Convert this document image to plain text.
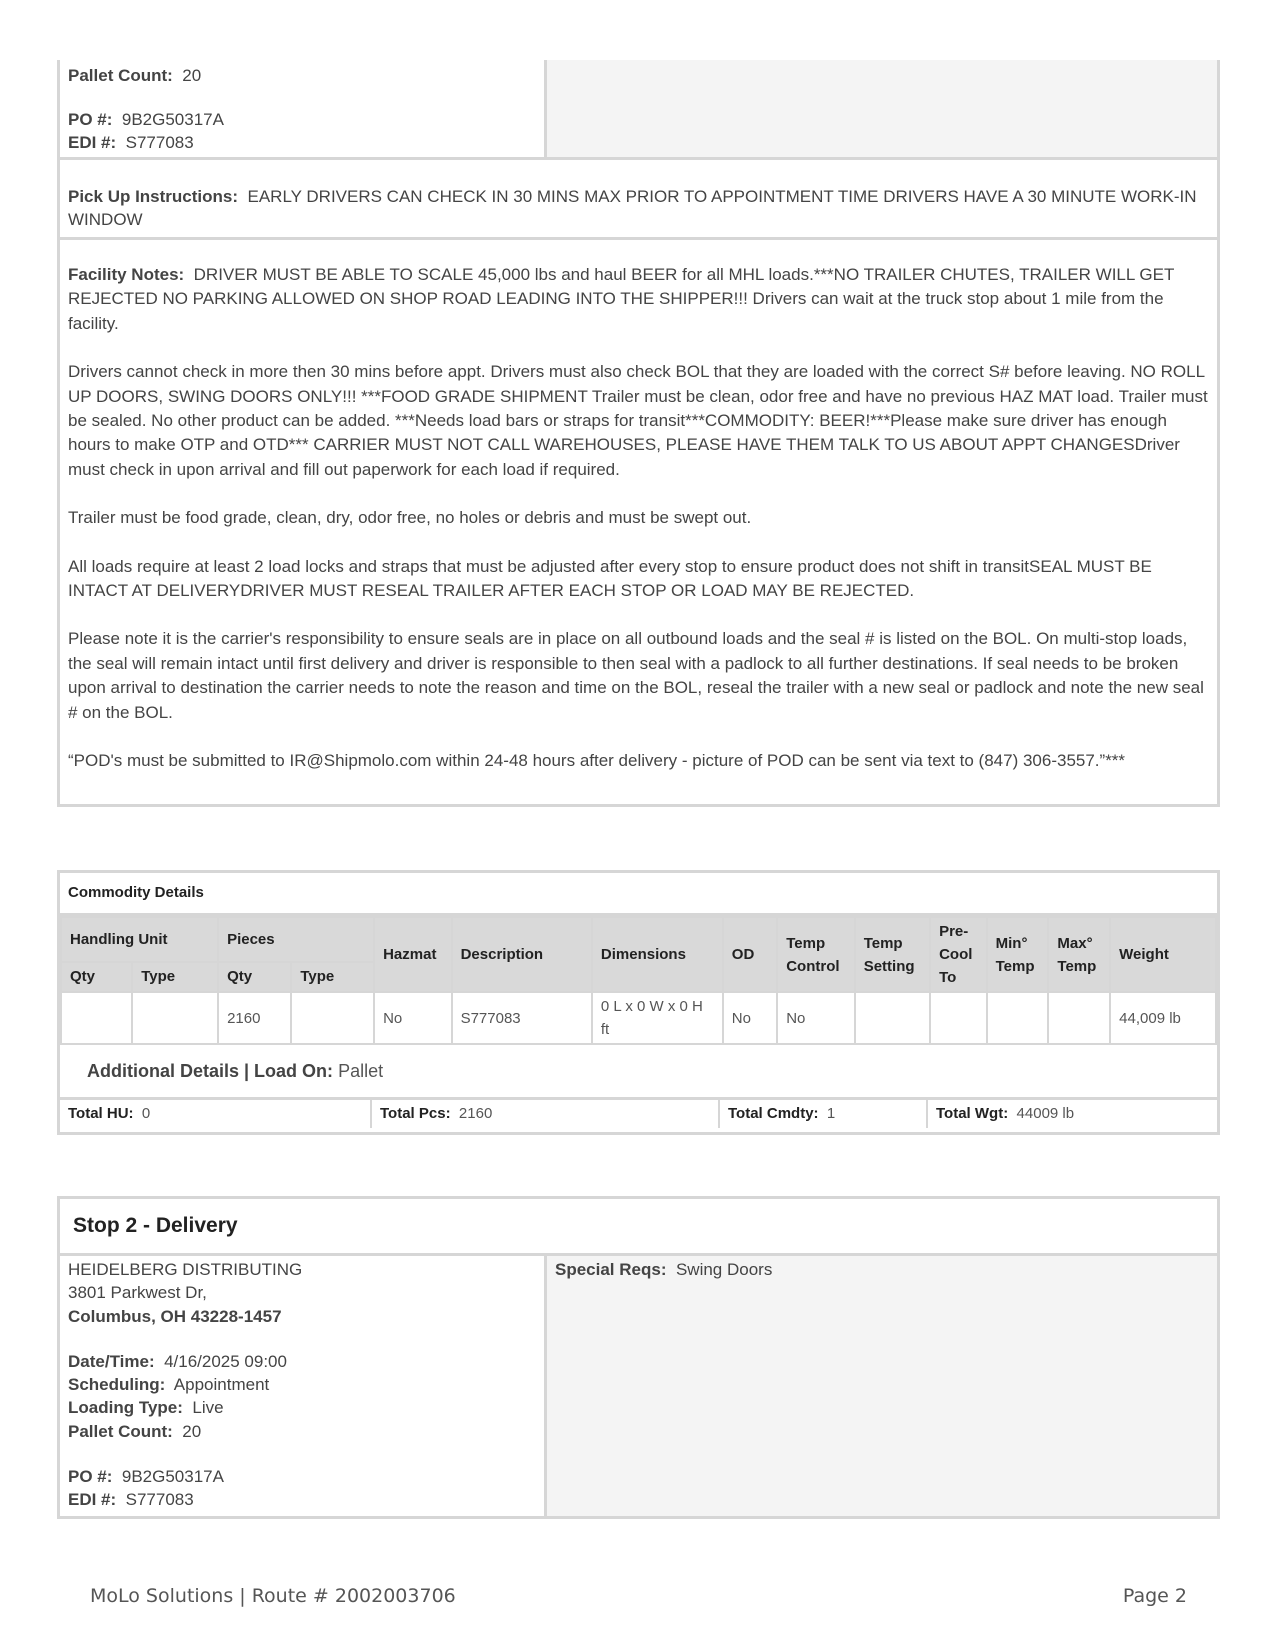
Pallet Count: 20
PO #: 9B2G50317A
EDI #: S777083
Pick Up Instructions: EARLY DRIVERS CAN CHECK IN 30 MINS MAX PRIOR TO APPOINTMENT TIME DRIVERS HAVE A 30 MINUTE WORK-IN WINDOW

Facility Notes: DRIVER MUST BE ABLE TO SCALE 45,000 lbs and haul BEER for all MHL loads.***NO TRAILER CHUTES, TRAILER WILL GET REJECTED NO PARKING ALLOWED ON SHOP ROAD LEADING INTO THE SHIPPER!!! Drivers can wait at the truck stop about 1 mile from the facility.

Drivers cannot check in more then 30 mins before appt. Drivers must also check BOL that they are loaded with the correct S# before leaving. NO ROLL UP DOORS, SWING DOORS ONLY!!! ***FOOD GRADE SHIPMENT Trailer must be clean, odor free and have no previous HAZ MAT load. Trailer must be sealed. No other product can be added. ***Needs load bars or straps for transit***COMMODITY: BEER!***Please make sure driver has enough hours to make OTP and OTD*** CARRIER MUST NOT CALL WAREHOUSES, PLEASE HAVE THEM TALK TO US ABOUT APPT CHANGESDriver must check in upon arrival and fill out paperwork for each load if required.

Trailer must be food grade, clean, dry, odor free, no holes or debris and must be swept out.

All loads require at least 2 load locks and straps that must be adjusted after every stop to ensure product does not shift in transitSEAL MUST BE INTACT AT DELIVERYDRIVER MUST RESEAL TRAILER AFTER EACH STOP OR LOAD MAY BE REJECTED.

Please note it is the carrier's responsibility to ensure seals are in place on all outbound loads and the seal # is listed on the BOL. On multi-stop loads, the seal will remain intact until first delivery and driver is responsible to then seal with a padlock to all further destinations. If seal needs to be broken upon arrival to destination the carrier needs to note the reason and time on the BOL, reseal the trailer with a new seal or padlock and note the new seal # on the BOL.

“POD's must be submitted to IR@Shipmolo.com within 24-48 hours after delivery - picture of POD can be sent via text to (847) 306-3557.”***

Commodity Details
Handling Unit		Pieces		Hazmat	Description	Dimensions	OD	Temp Control	Temp Setting	Pre-Cool To	Min° Temp	Max° Temp	Weight
Qty	Type	Qty	Type										
		2160		No	S777083	0 L x 0 W x 0 H ft	No	No					44,009 lb
Additional Details | Load On: Pallet
Total HU: 0	Total Pcs: 2160	Total Cmdty: 1	Total Wgt: 44009 lb
Stop 2 - Delivery
HEIDELBERG DISTRIBUTING
3801 Parkwest Dr,
Columbus, OH 43228-1457
Date/Time: 4/16/2025 09:00
Scheduling: Appointment
Loading Type: Live
Pallet Count: 20
PO #: 9B2G50317A
EDI #: S777083
Special Reqs: Swing Doors
MoLo Solutions | Route # 2002003706	Page 2
